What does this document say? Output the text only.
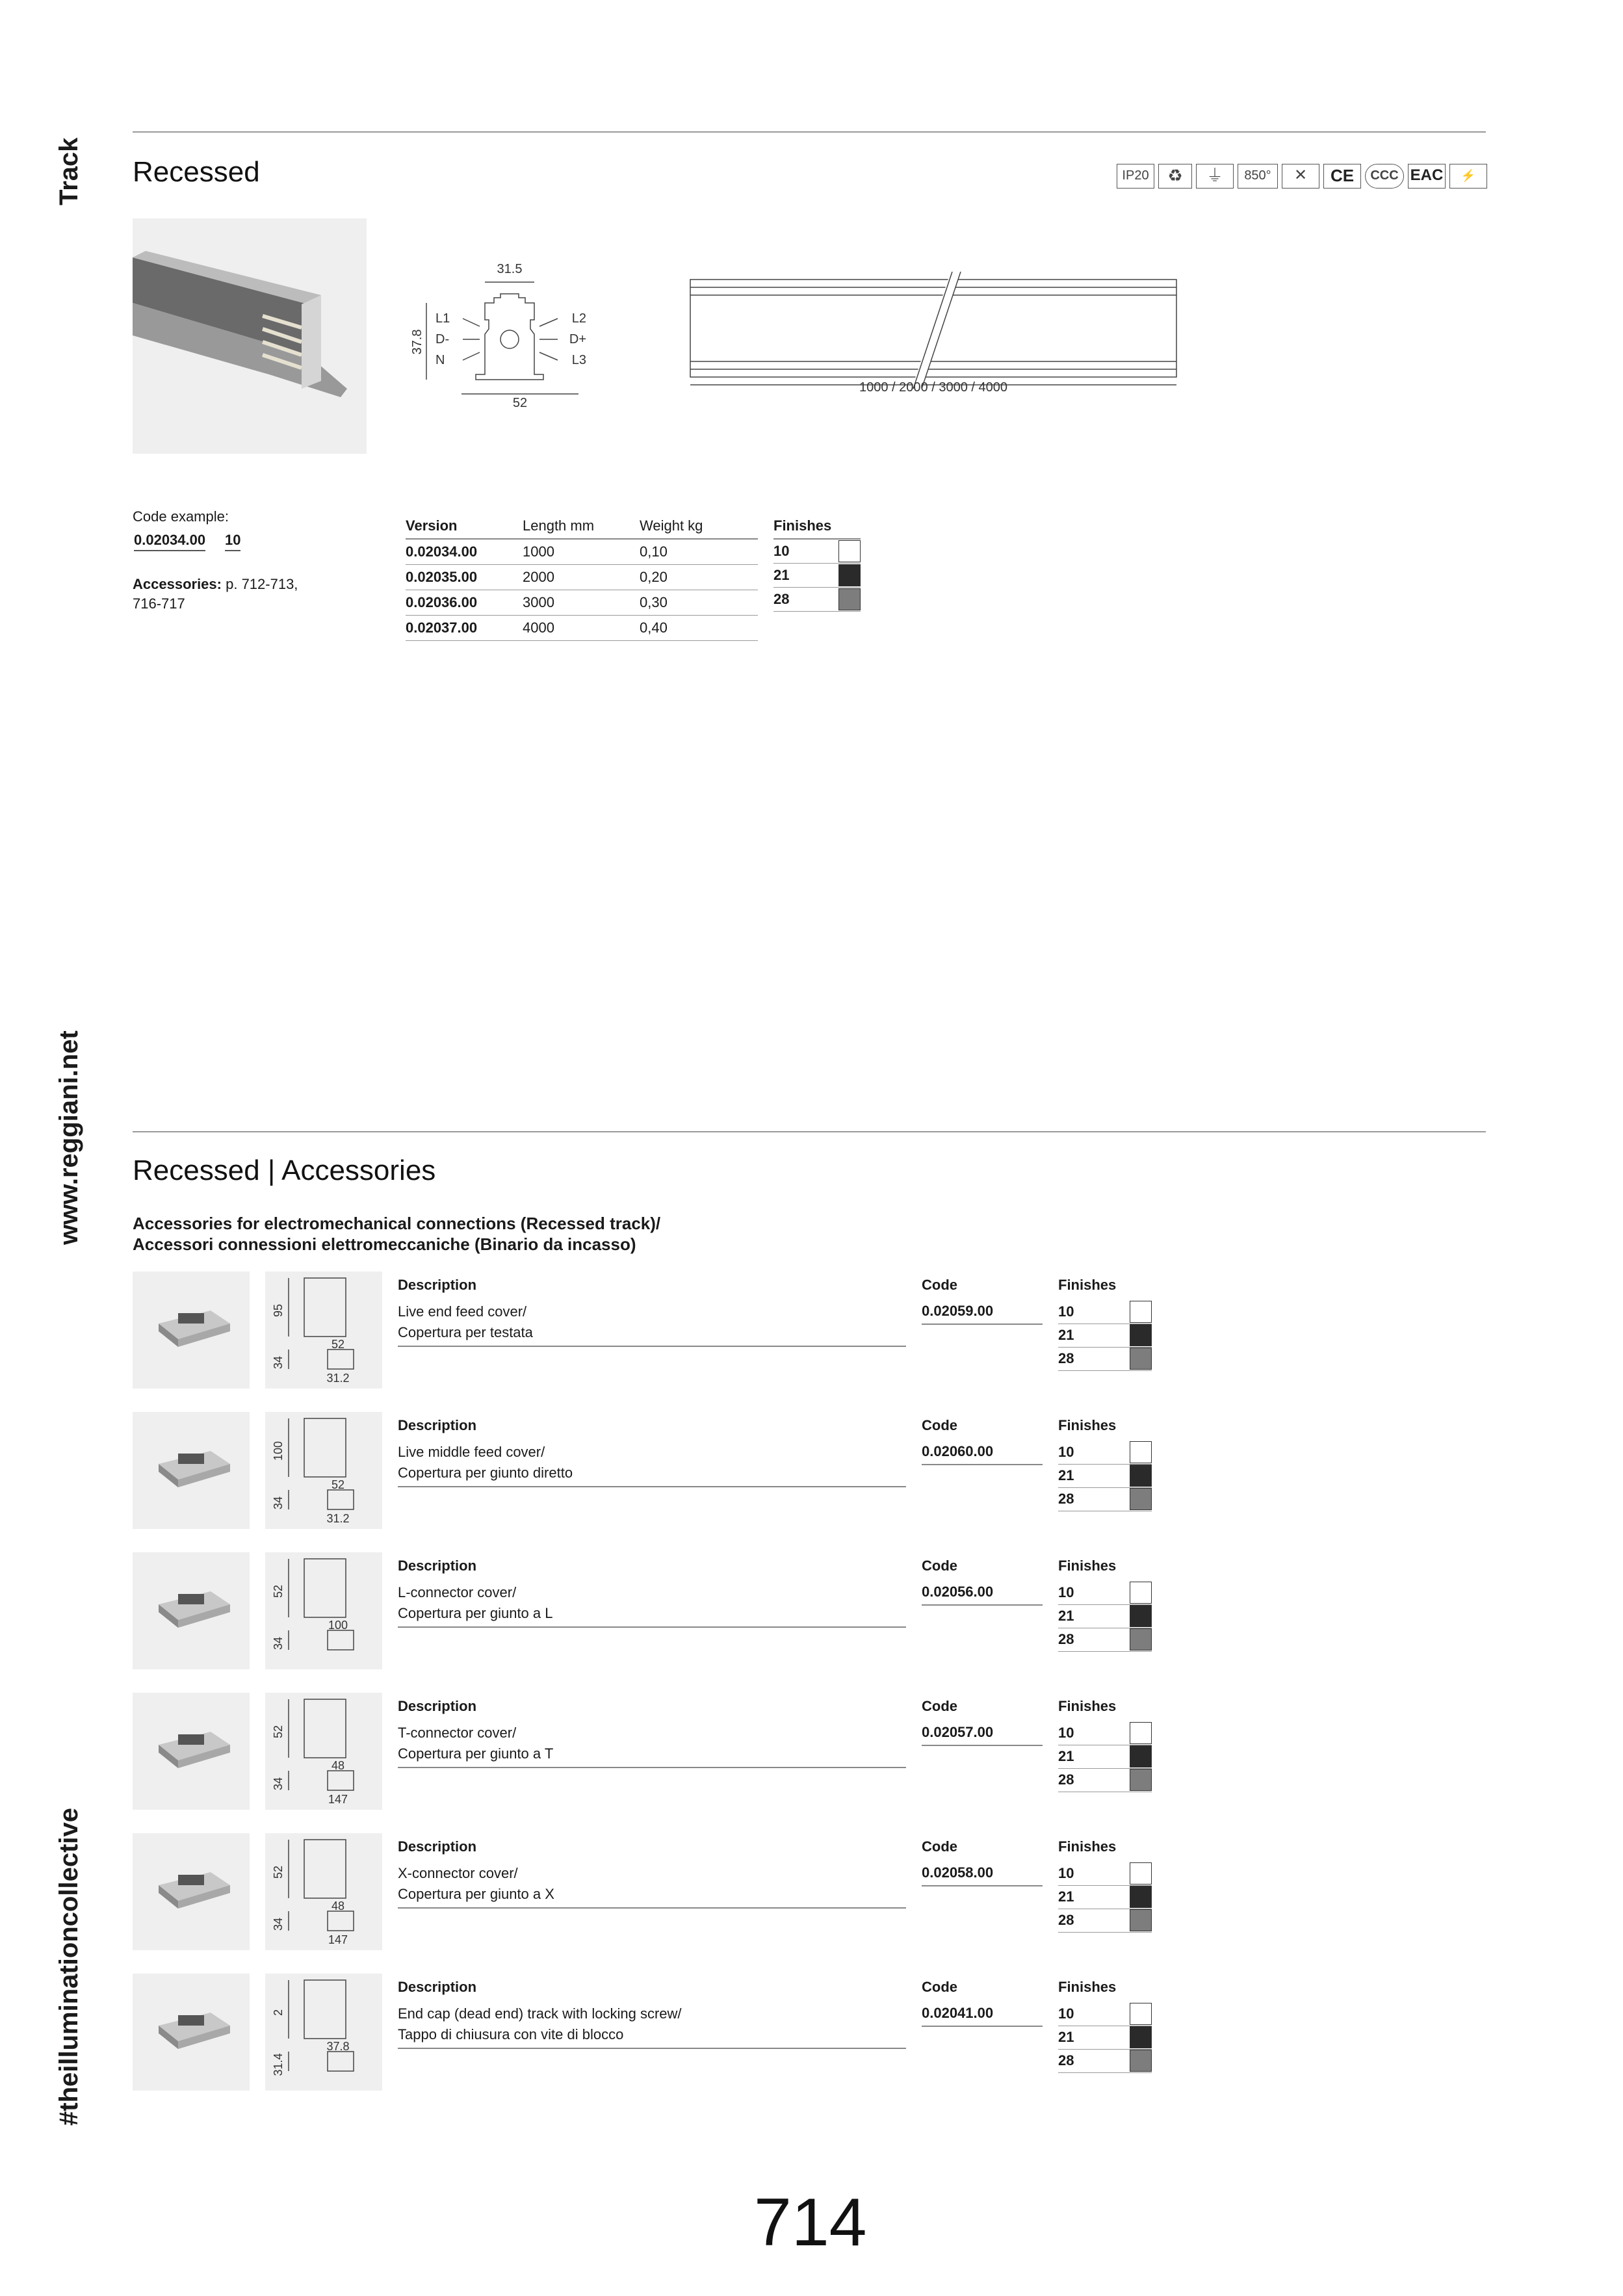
Track
www.reggiani.net
#theilluminationcollective
Recessed	IP20	♻	⏚	850°	✕	CE	CCC EAC	⚡
31.5
37.8
52
L1
D-
N
L2
D+
L3
1000 / 2000 / 3000 / 4000
Code example:
0.02034.00 10
Accessories: p. 712-713,
716-717
Version	Length mm	Weight kg
0.02034.00	1000	0,10
0.02035.00	2000	0,20
0.02036.00	3000	0,30
0.02037.00	4000	0,40
Finishes
10
21
28
Recessed | Accessories
Accessories for electromechanical connections (Recessed track)/
Accessori connessioni elettromeccaniche (Binario da incasso)
95
52
34
31.2
Description
Live end feed cover/
Copertura per testata
Code
0.02059.00
Finishes
10
21
28
100
52
34
31.2
Description
Live middle feed cover/
Copertura per giunto diretto
Code
0.02060.00
Finishes
10
21
28
52
100
34
Description
L-connector cover/
Copertura per giunto a L
Code
0.02056.00
Finishes
10
21
28
52
48
34
147
Description
T-connector cover/
Copertura per giunto a T
Code
0.02057.00
Finishes
10
21
28
52
48
34
147
Description
X-connector cover/
Copertura per giunto a X
Code
0.02058.00
Finishes
10
21
28
2
37.8
31.4
Description
End cap (dead end) track with locking screw/
Tappo di chiusura con vite di blocco
Code
0.02041.00
Finishes
10
21
28
714
